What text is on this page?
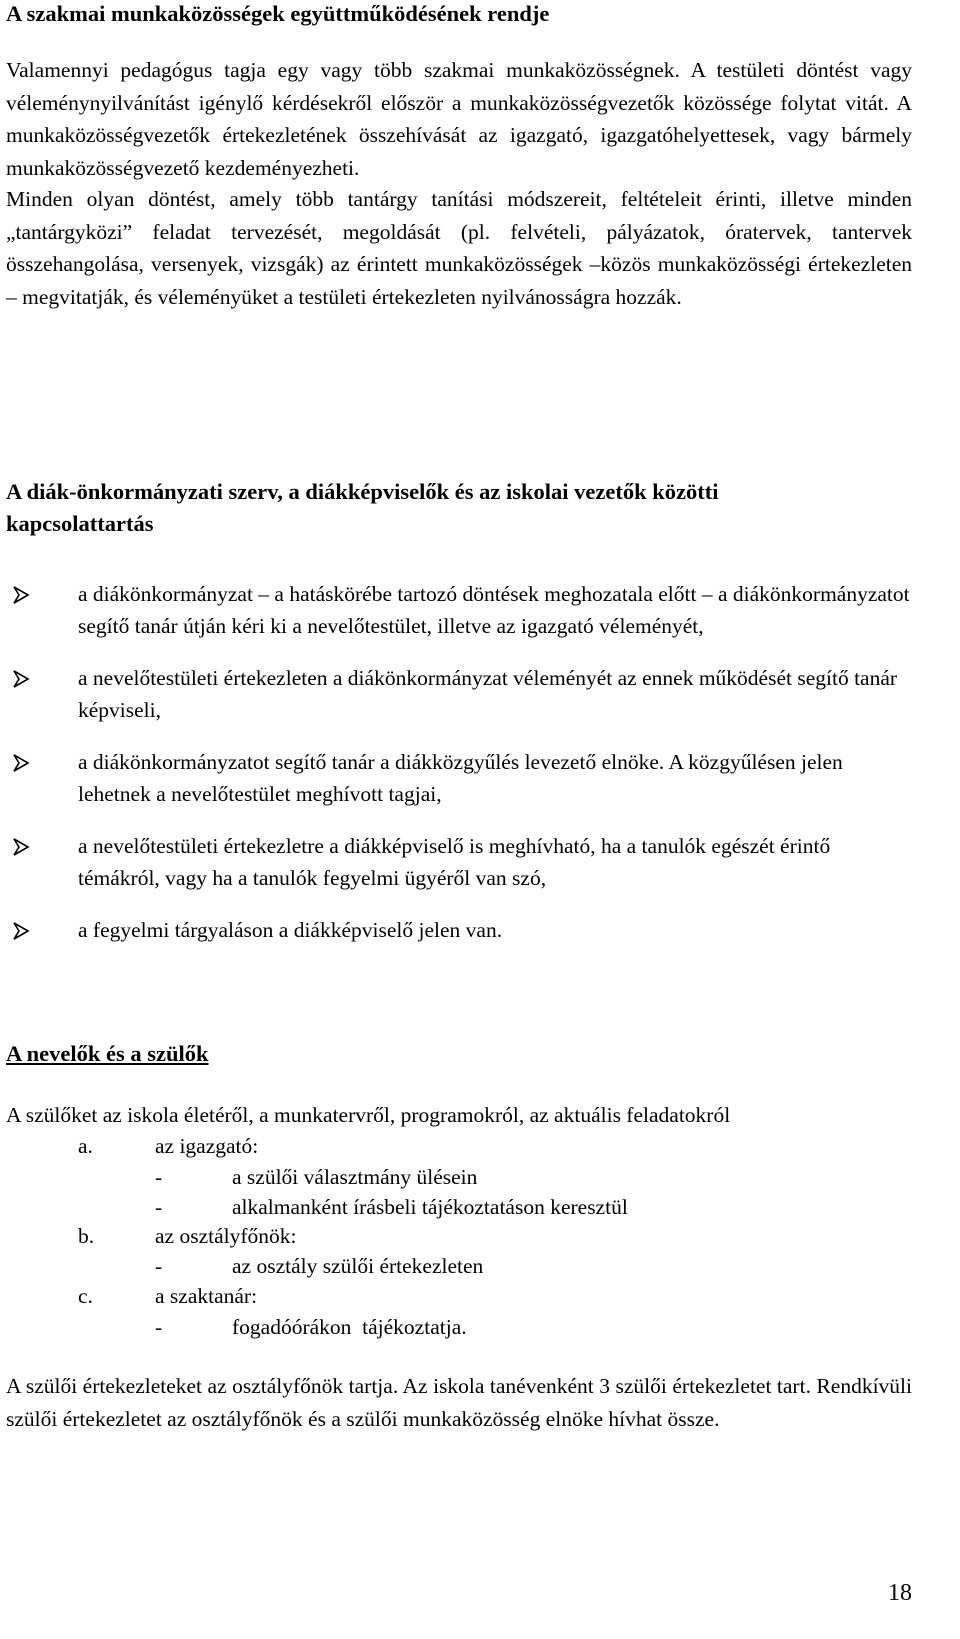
A szakmai munkaközösségek együttműködésének rendje

Valamennyi pedagógus tagja egy vagy több szakmai munkaközösségnek. A testületi döntést vagy véleménynyilvánítást igénylő kérdésekről először a munkaközösségvezetők közössége folytat vitát. A munkaközösségvezetők értekezletének összehívását az igazgató, igazgatóhelyettesek, vagy bármely munkaközösségvezető kezdeményezheti.

Minden olyan döntést, amely több tantárgy tanítási módszereit, feltételeit érinti, illetve minden „tantárgyközi” feladat tervezését, megoldását (pl. felvételi, pályázatok, óratervek, tantervek összehangolása, versenyek, vizsgák) az érintett munkaközösségek –közös munkaközösségi értekezleten – megvitatják, és véleményüket a testületi értekezleten nyilvánosságra hozzák.

A diák-önkormányzati szerv, a diákképviselők és az iskolai vezetők közötti
kapcsolattartás
a diákönkormányzat – a hatáskörébe tartozó döntések meghozatala előtt – a diákönkormányzatot segítő tanár útján kéri ki a nevelőtestület, illetve az igazgató véleményét,
a nevelőtestületi értekezleten a diákönkormányzat véleményét az ennek működését segítő tanár képviseli,
a diákönkormányzatot segítő tanár a diákközgyűlés levezető elnöke. A közgyűlésen jelen lehetnek a nevelőtestület meghívott tagjai,
a nevelőtestületi értekezletre a diákképviselő is meghívható, ha a tanulók egészét érintő témákról, vagy ha a tanulók fegyelmi ügyéről van szó,
a fegyelmi tárgyaláson a diákképviselő jelen van.
A nevelők és a szülők

A szülőket az iskola életéről, a munkatervről, programokról, az aktuális feladatokról

a.	az igazgató:
-	a szülői választmány ülésein
-	alkalmanként írásbeli tájékoztatáson keresztül
b.	az osztályfőnök:
-	az osztály szülői értekezleten
c.	a szaktanár:
-	fogadóórákon  tájékoztatja.

A szülői értekezleteket az osztályfőnök tartja. Az iskola tanévenként 3 szülői értekezletet tart. Rendkívüli szülői értekezletet az osztályfőnök és a szülői munkaközösség elnöke hívhat össze.

18
